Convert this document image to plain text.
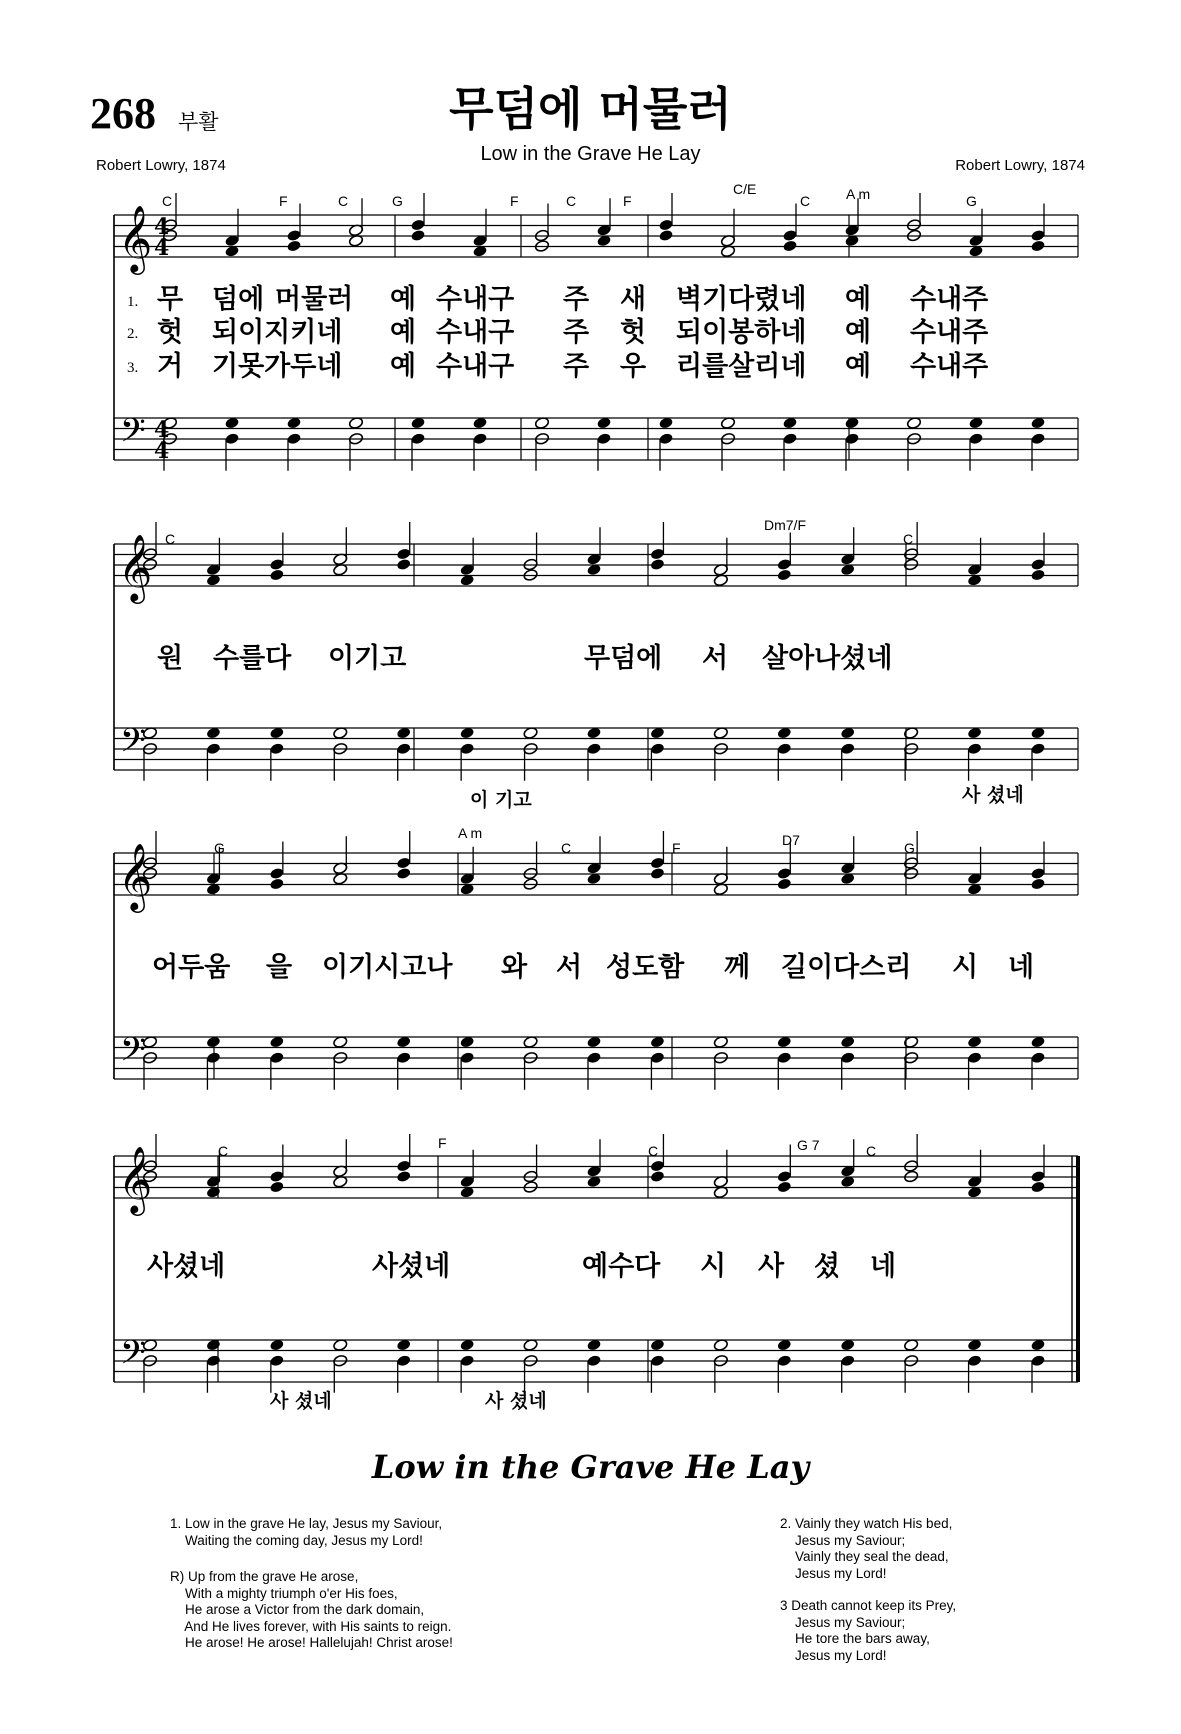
268 부활	무덤에 머물러
Low in the Grave He Lay
Robert Lowry, 1874	Robert Lowry, 1874
𝄞
𝄢
4
4
4
4
𝄞
𝄢
𝄞
𝄢
𝄞
𝄢
C	F	C	G	F	C	F
C/E
C	A m	G
1.
2.
3.
무 덤에 머물러 예 수내구 주 새 벽기다렸네 예 수내주
헛 되이지키네 예 수내구 주 헛 되이봉하네 예 수내주
거 기못가두네 예 수내구 주 우 리를살리네 예 수내주
C
Dm7/F
C
원 수를다 이기고	무덤에 서 살아나셨네
이 기고	사 셨네
G
A m
C	F	D7	G
어두움 을 이기시고나 와 서 성도함 께 길이다스리 시 네
C	F	C	G 7	C
사셨네	사셨네	예수다 시 사 셨 네
사 셨네	사 셨네
Low in the Grave He Lay
1. Low in the grave He lay, Jesus my Saviour,
Waiting the coming day, Jesus my Lord!
R) Up from the grave He arose,
With a mighty triumph o'er His foes,
He arose a Victor from the dark domain,
And He lives forever, with His saints to reign.
He arose! He arose! Hallelujah! Christ arose!
2. Vainly they watch His bed,
Jesus my Saviour;
Vainly they seal the dead,
Jesus my Lord!
3 Death cannot keep its Prey,
Jesus my Saviour;
He tore the bars away,
Jesus my Lord!
